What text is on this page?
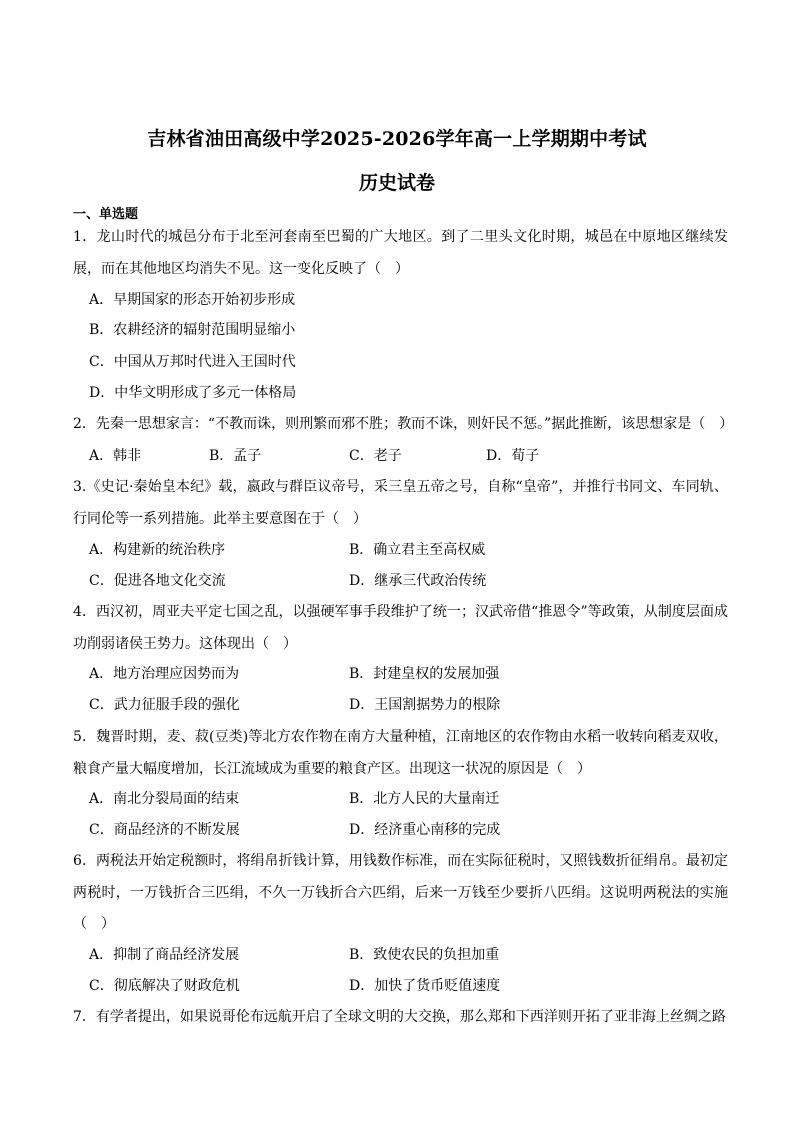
吉林省油田高级中学2025-2026学年高一上学期期中考试
历史试卷
一、单选题
1．龙山时代的城邑分布于北至河套南至巴蜀的广大地区。到了二里头文化时期，城邑在中原地区继续发展，而在其他地区均消失不见。这一变化反映了（　）
A．早期国家的形态开始初步形成
B．农耕经济的辐射范围明显缩小
C．中国从万邦时代进入王国时代
D．中华文明形成了多元一体格局
2．先秦一思想家言：“不教而诛，则刑繁而邪不胜；教而不诛，则奸民不惩。”据此推断，该思想家是（　）
A．韩非	B．孟子	C．老子	D．荀子
3.《史记·秦始皇本纪》载，嬴政与群臣议帝号，采三皇五帝之号，自称“皇帝”，并推行书同文、车同轨、行同伦等一系列措施。此举主要意图在于（　）
A．构建新的统治秩序	B．确立君主至高权威
C．促进各地文化交流	D．继承三代政治传统
4．西汉初，周亚夫平定七国之乱，以强硬军事手段维护了统一；汉武帝借“推恩令”等政策，从制度层面成功削弱诸侯王势力。这体现出（　）
A．地方治理应因势而为	B．封建皇权的发展加强
C．武力征服手段的强化	D．王国割据势力的根除
5．魏晋时期，麦、菽(豆类)等北方农作物在南方大量种植，江南地区的农作物由水稻一收转向稻麦双收，粮食产量大幅度增加，长江流域成为重要的粮食产区。出现这一状况的原因是（　）
A．南北分裂局面的结束	B．北方人民的大量南迁
C．商品经济的不断发展	D．经济重心南移的完成
6．两税法开始定税额时，将绢帛折钱计算，用钱数作标准，而在实际征税时，又照钱数折征绢帛。最初定两税时，一万钱折合三匹绢，不久一万钱折合六匹绢，后来一万钱至少要折八匹绢。这说明两税法的实施（　）
A．抑制了商品经济发展	B．致使农民的负担加重
C．彻底解决了财政危机	D．加快了货币贬值速度
7．有学者提出，如果说哥伦布远航开启了全球文明的大交换，那么郑和下西洋则开拓了亚非海上丝绸之路
